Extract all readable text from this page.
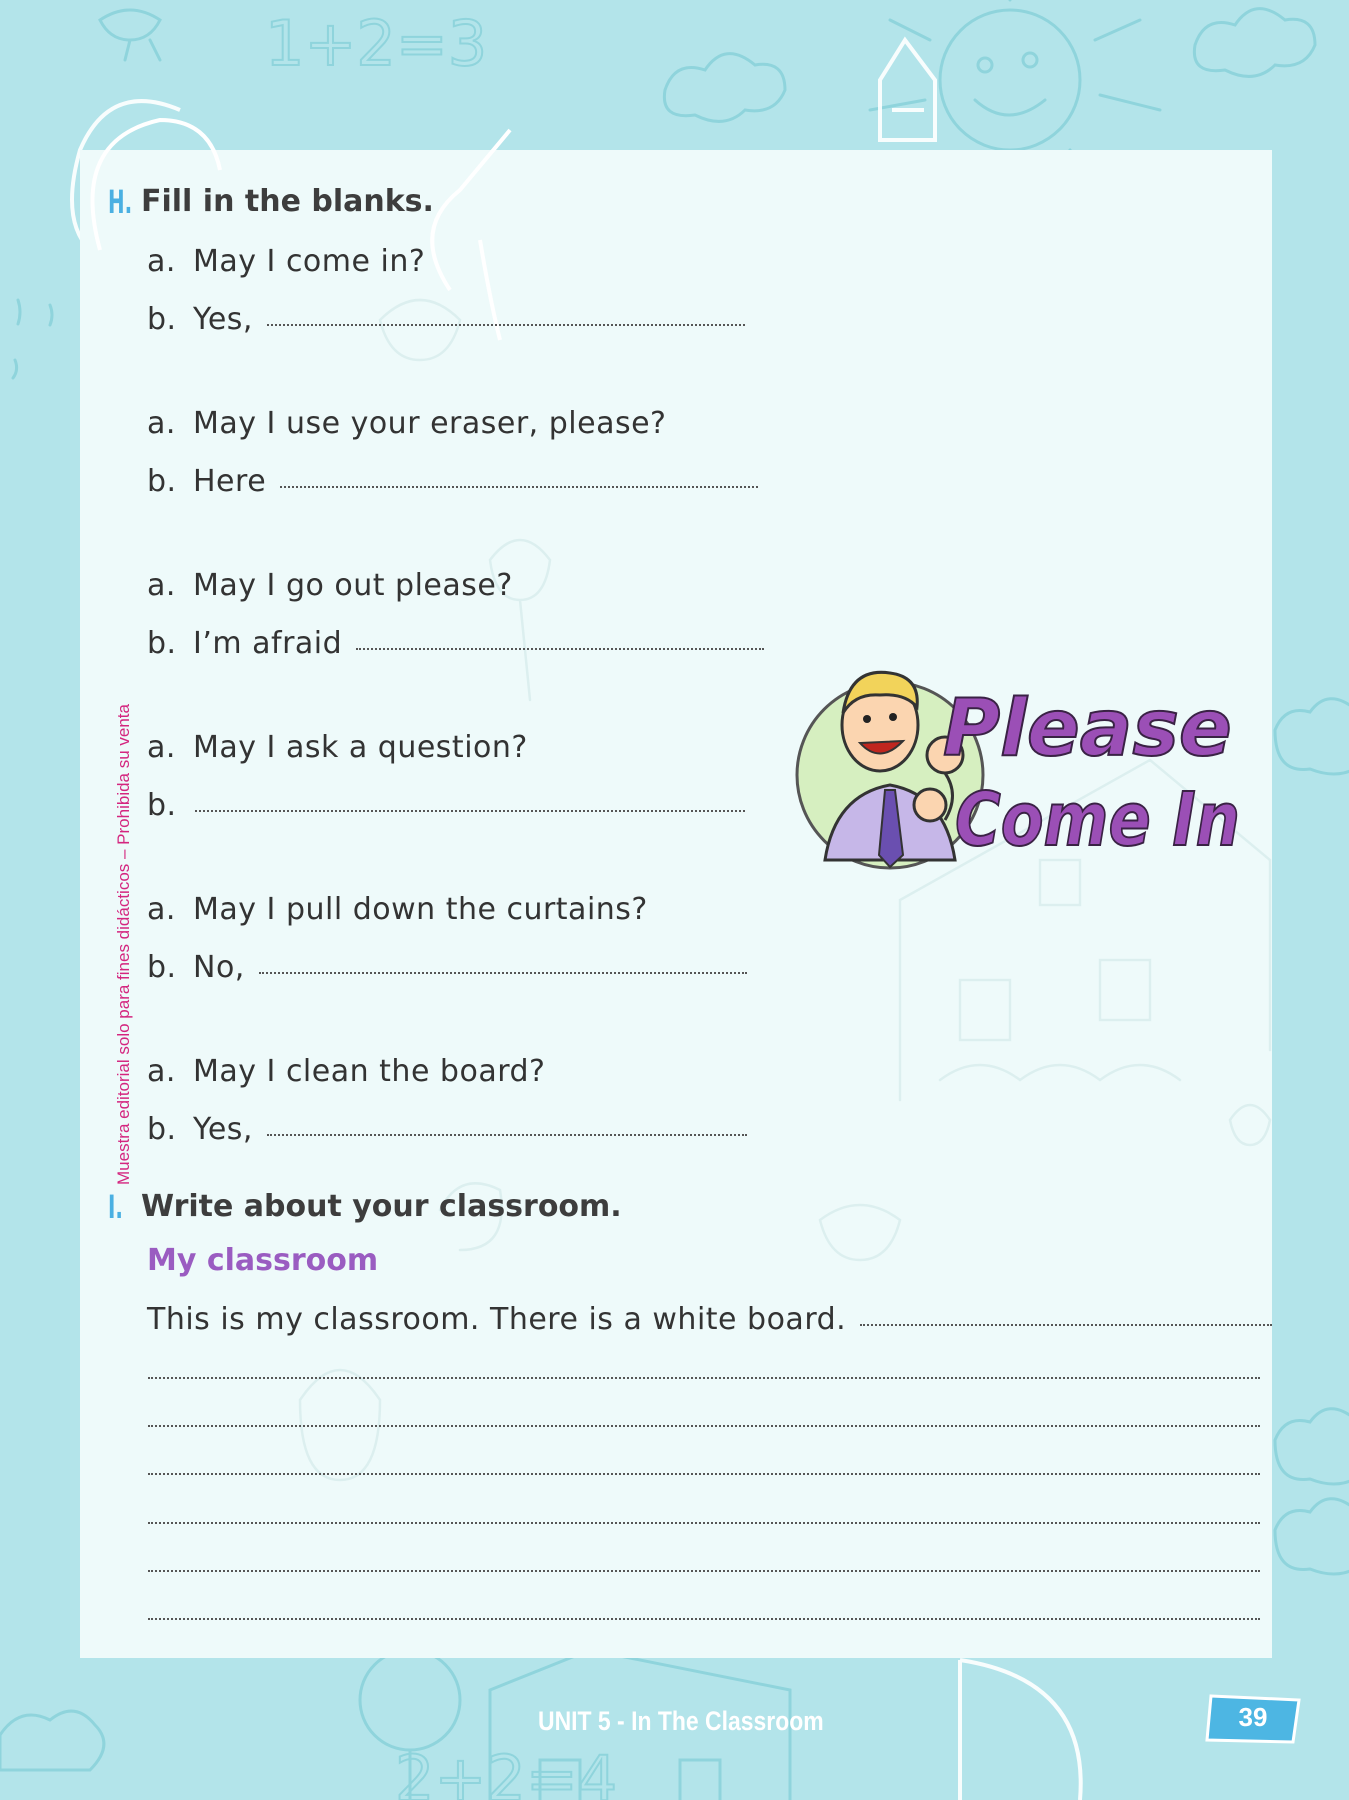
1+2=3
2+2=4
Muestra editorial solo para fines didácticos – Prohibida su venta
H. Fill in the blanks.
a. May I come in?
b. Yes,
a. May I use your eraser, please?
b. Here
a. May I go out please?
b. I’m afraid
a. May I ask a question?
b.
a. May I pull down the curtains?
b. No,
a. May I clean the board?
b. Yes,
Please
Come In
I. Write about your classroom.
My classroom
This is my classroom. There is a white board.
UNIT 5 - In The Classroom	39
